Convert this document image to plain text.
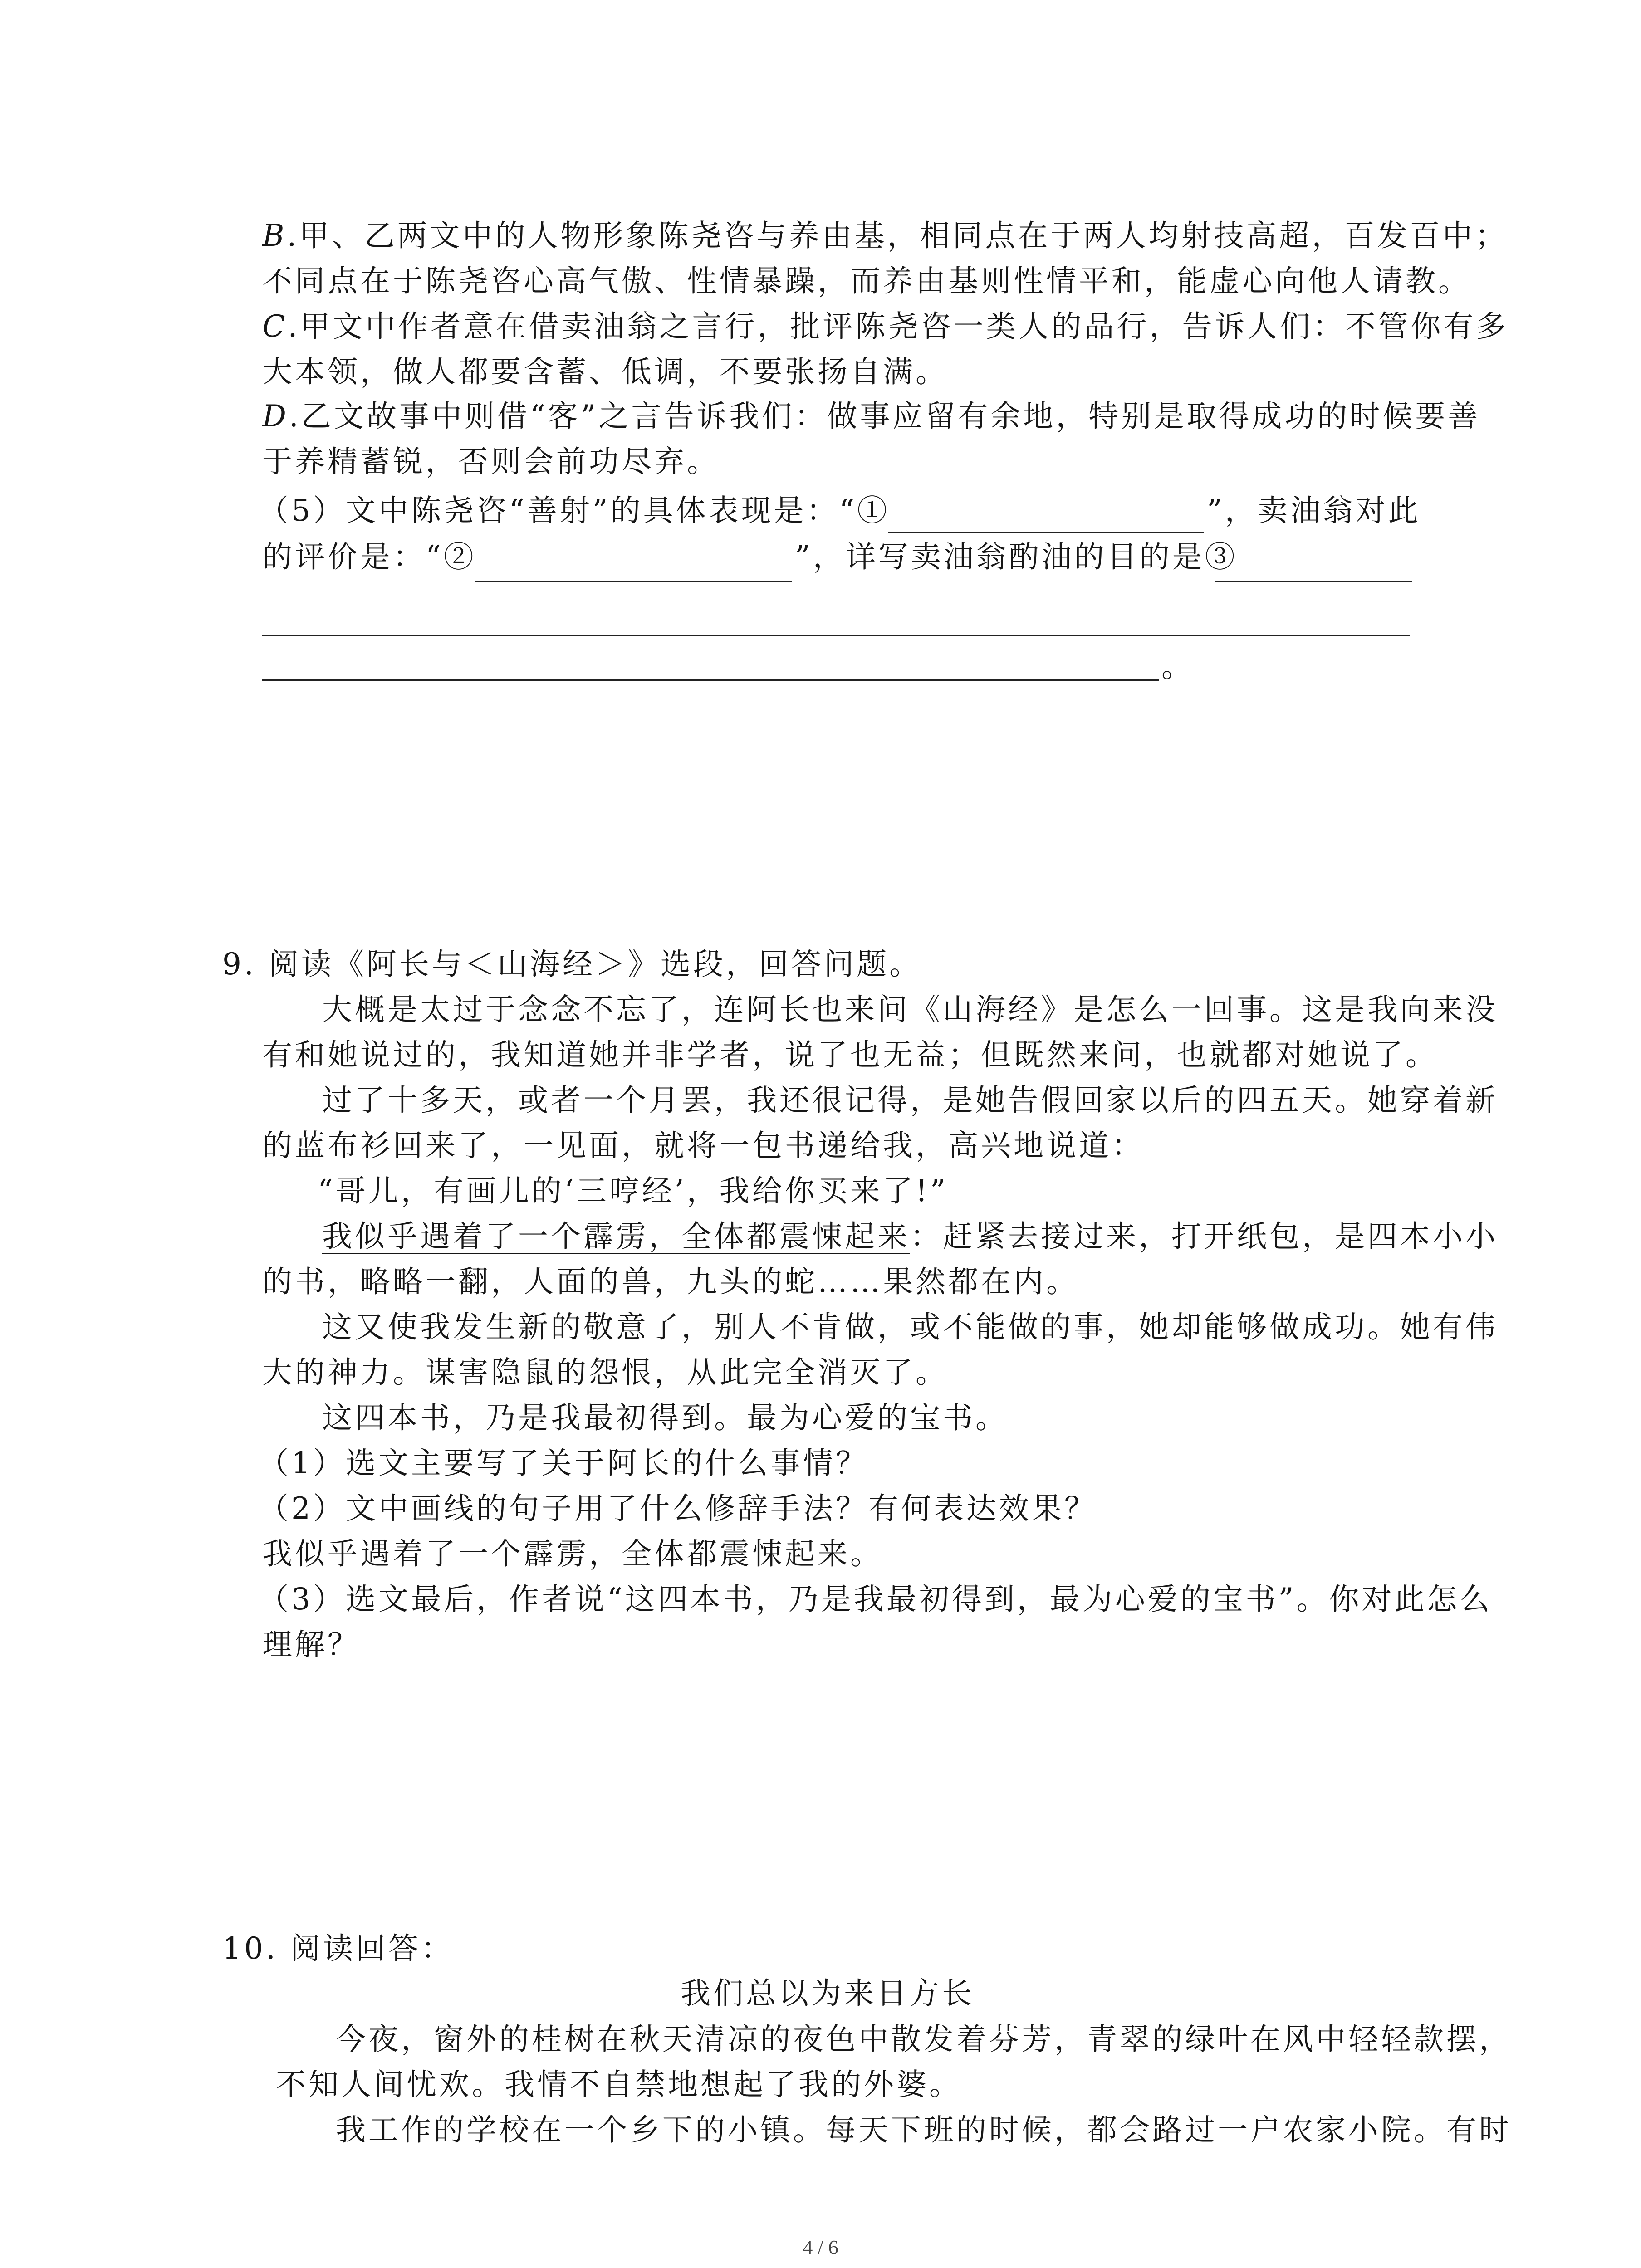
B.甲、乙两文中的人物形象陈尧咨与养由基，相同点在于两人均射技高超，百发百中；
不同点在于陈尧咨心高气傲、性情暴躁，而养由基则性情平和，能虚心向他人请教。
C.甲文中作者意在借卖油翁之言行，批评陈尧咨一类人的品行，告诉人们：不管你有多
大本领，做人都要含蓄、低调，不要张扬自满。
D.乙文故事中则借“客”之言告诉我们：做事应留有余地，特别是取得成功的时候要善
于养精蓄锐，否则会前功尽弃。
（5）文中陈尧咨“善射”的具体表现是：“①	”，卖油翁对此
的评价是：“②	”，详写卖油翁酌油的目的是③
。
9. 阅读《阿长与＜山海经＞》选段，回答问题。
大概是太过于念念不忘了，连阿长也来问《山海经》是怎么一回事。这是我向来没
有和她说过的，我知道她并非学者，说了也无益；但既然来问，也就都对她说了。
过了十多天，或者一个月罢，我还很记得，是她告假回家以后的四五天。她穿着新
的蓝布衫回来了，一见面，就将一包书递给我，高兴地说道：
“哥儿，有画儿的‘三哼经’，我给你买来了!”
我似乎遇着了一个霹雳，全体都震悚起来：赶紧去接过来，打开纸包，是四本小小
的书，略略一翻，人面的兽，九头的蛇……果然都在内。
这又使我发生新的敬意了，别人不肯做，或不能做的事，她却能够做成功。她有伟
大的神力。谋害隐鼠的怨恨，从此完全消灭了。
这四本书，乃是我最初得到。最为心爱的宝书。
（1）选文主要写了关于阿长的什么事情？
（2）文中画线的句子用了什么修辞手法？有何表达效果？
我似乎遇着了一个霹雳，全体都震悚起来。
（3）选文最后，作者说“这四本书，乃是我最初得到，最为心爱的宝书”。你对此怎么
理解？
10. 阅读回答：
我们总以为来日方长
今夜，窗外的桂树在秋天清凉的夜色中散发着芬芳，青翠的绿叶在风中轻轻款摆，
不知人间忧欢。我情不自禁地想起了我的外婆。
我工作的学校在一个乡下的小镇。每天下班的时候，都会路过一户农家小院。有时
4 / 6
